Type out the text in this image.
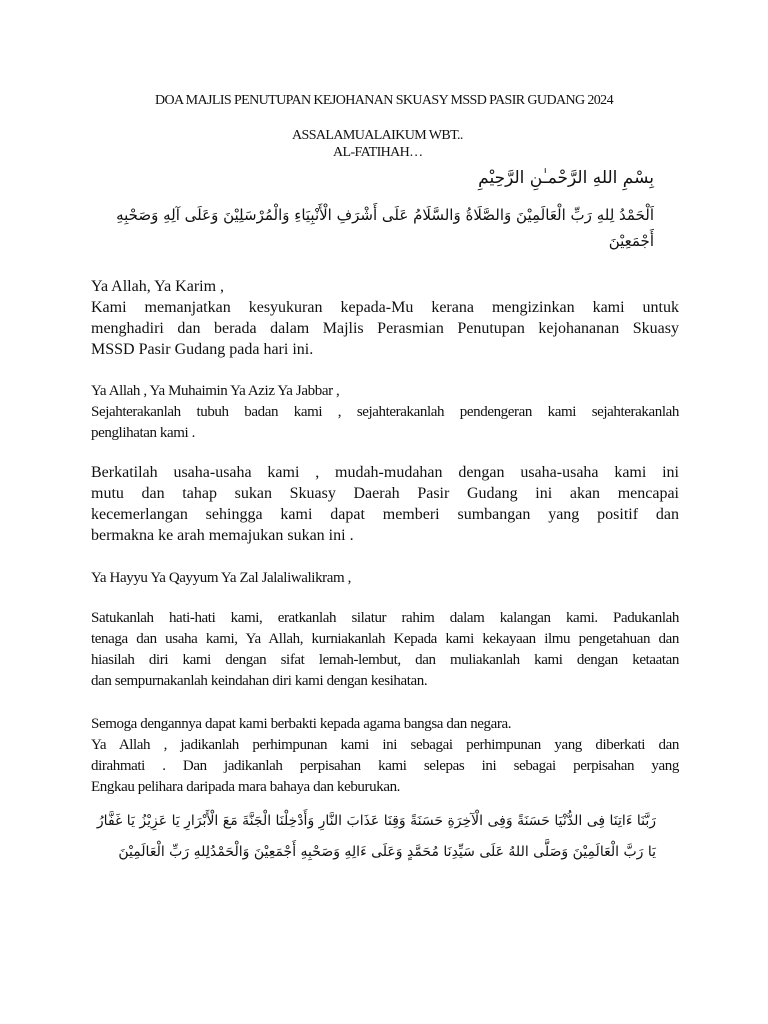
DOA MAJLIS PENUTUPAN KEJOHANAN SKUASY MSSD PASIR GUDANG 2024
ASSALAMUALAIKUM WBT..
AL-FATIHAH…
بِسْمِ اللهِ الرَّحْمـٰنِ الرَّحِيْمِ
اَلْحَمْدُ لِلهِ رَبِّ الْعَالَمِيْنَ وَالصَّلَاةُ وَالسَّلَامُ عَلَى أَشْرَفِ الْأَنْبِيَاءِ وَالْمُرْسَلِيْنَ وَعَلَى آلِهِ وَصَحْبِهِ
أَجْمَعِيْنَ
Ya Allah, Ya Karim ,
Kami memanjatkan kesyukuran kepada-Mu kerana mengizinkan kami untuk
menghadiri dan berada dalam Majlis Perasmian Penutupan kejohananan Skuasy
MSSD Pasir Gudang pada hari ini.
Ya Allah , Ya Muhaimin Ya Aziz Ya Jabbar ,
Sejahterakanlah tubuh badan kami , sejahterakanlah pendengeran kami sejahterakanlah
penglihatan kami .
Berkatilah usaha-usaha kami , mudah-mudahan dengan usaha-usaha kami ini
mutu dan tahap sukan Skuasy Daerah Pasir Gudang ini akan mencapai
kecemerlangan sehingga kami dapat memberi sumbangan yang positif dan
bermakna ke arah memajukan sukan ini .
Ya Hayyu Ya Qayyum Ya Zal Jalaliwalikram ,
Satukanlah hati-hati kami, eratkanlah silatur rahim dalam kalangan kami. Padukanlah
tenaga dan usaha kami, Ya Allah, kurniakanlah Kepada kami kekayaan ilmu pengetahuan dan
hiasilah diri kami dengan sifat lemah-lembut, dan muliakanlah kami dengan ketaatan
dan sempurnakanlah keindahan diri kami dengan kesihatan.
Semoga dengannya dapat kami berbakti kepada agama bangsa dan negara.
Ya Allah , jadikanlah perhimpunan kami ini sebagai perhimpunan yang diberkati dan
dirahmati . Dan jadikanlah perpisahan kami selepas ini sebagai perpisahan yang
Engkau pelihara daripada mara bahaya dan keburukan.
رَبَّنَا ءَاتِنَا فِى الدُّنْيَا حَسَنَةً وَفِى الْآخِرَةِ حَسَنَةً وَقِنَا عَذَابَ النَّارِ وَأَدْخِلْنَا الْجَنَّةَ مَعَ الْأَبْرَارِ يَا عَزِيْزُ يَا غَفَّارُ
يَا رَبَّ الْعَالَمِيْنَ وَصَلَّى اللهُ عَلَى سَيِّدِنَا مُحَمَّدٍ وَعَلَى ءَالِهِ وَصَحْبِهِ أَجْمَعِيْنَ وَالْحَمْدُلِلهِ رَبِّ الْعَالَمِيْنَ
